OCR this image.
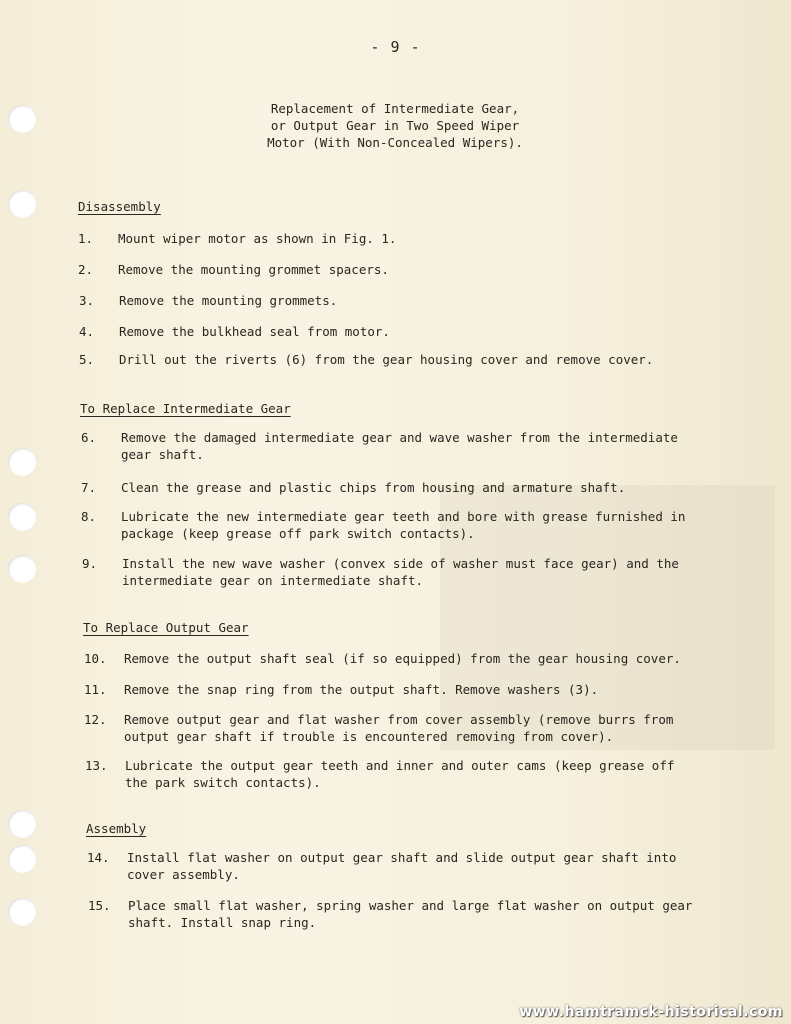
- 9 -
Replacement of Intermediate Gear,
or Output Gear in Two Speed Wiper
Motor (With Non-Concealed Wipers).
Disassembly
1.	Mount wiper motor as shown in Fig. 1.
2.	Remove the mounting grommet spacers.
3.	Remove the mounting grommets.
4.	Remove the bulkhead seal from motor.
5.	Drill out the riverts (6) from the gear housing cover and remove cover.
To Replace Intermediate Gear
6.	Remove the damaged intermediate gear and wave washer from the intermediate
gear shaft.
7.	Clean the grease and plastic chips from housing and armature shaft.
8.	Lubricate the new intermediate gear teeth and bore with grease furnished in
package (keep grease off park switch contacts).
9.	Install the new wave washer (convex side of washer must face gear) and the
intermediate gear on intermediate shaft.
To Replace Output Gear
10.	Remove the output shaft seal (if so equipped) from the gear housing cover.
11.	Remove the snap ring from the output shaft. Remove washers (3).
12.	Remove output gear and flat washer from cover assembly (remove burrs from
output gear shaft if trouble is encountered removing from cover).
13.	Lubricate the output gear teeth and inner and outer cams (keep grease off
the park switch contacts).
Assembly
14.	Install flat washer on output gear shaft and slide output gear shaft into
cover assembly.
15.	Place small flat washer, spring washer and large flat washer on output gear
shaft. Install snap ring.
www.hamtramck-historical.com
